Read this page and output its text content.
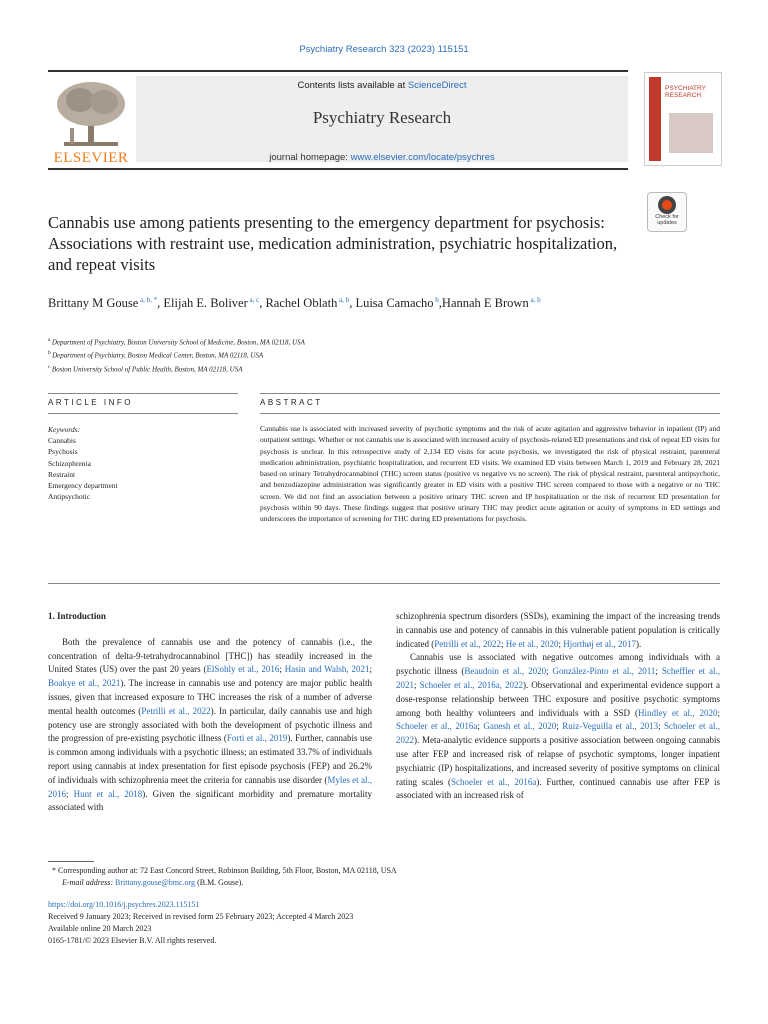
Psychiatry Research 323 (2023) 115151
ELSEVIER
Contents lists available at ScienceDirect
Psychiatry Research
journal homepage: www.elsevier.com/locate/psychres
PSYCHIATRY RESEARCH
Check for updates
Cannabis use among patients presenting to the emergency department for psychosis: Associations with restraint use, medication administration, psychiatric hospitalization, and repeat visits
Brittany M Gouse $^{a, b, *}$, Elijah E. Boliver $^{a, c}$, Rachel Oblath $^{a, b}$, Luisa Camacho $^b$,Hannah E Brown $^{a, b}$
$^a$ Department of Psychiatry, Boston University School of Medicine, Boston, MA 02118, USA
$^b$ Department of Psychiatry, Boston Medical Center, Boston, MA 02118, USA
$^c$ Boston University School of Public Health, Boston, MA 02118, USA
ARTICLE INFO	ABSTRACT
Keywords:
Cannabis
Psychosis
Schizophrenia
Restraint
Emergency department
Antipsychotic
Cannabis use is associated with increased severity of psychotic symptoms and the risk of acute agitation and aggressive behavior in inpatient (IP) and outpatient settings. Whether or not cannabis use is associated with increased acuity of psychosis-related ED presentations and risk of repeat ED visits for psychosis is unclear. In this retrospective study of 2,134 ED visits for acute psychosis, we investigated the risk of physical restraint, parenteral medication administration, psychiatric hospitalization, and recurrent ED visits. We examined ED visits between March 1, 2019 and February 28, 2021 based on urinary Tetrahydrocannabinol (THC) screen status (positive vs negative vs no screen). The risk of physical restraint, parenteral antipsychotic, and benzodiazepine administration was significantly greater in ED visits with a positive THC screen compared to those with a negative or no THC screen. We did not find an association between a positive urinary THC screen and IP hospitalization or the risk of recurrent ED presentation for psychosis within 90 days. These findings suggest that positive urinary THC may predict acute agitation or acuity of symptoms in ED settings and underscores the importance of screening for THC during ED presentations for psychosis.
1. Introduction

Both the prevalence of cannabis use and the potency of cannabis (i.e., the concentration of delta-9-tetrahydrocannabinol [THC]) has steadily increased in the United States (US) over the past 20 years (ElSohly et al., 2016; Hasin and Walsh, 2021; Boakye et al., 2021). The increase in cannabis use and potency are major public health issues, given that increased exposure to THC increases the risk of a number of adverse mental health outcomes (Petrilli et al., 2022). In particular, daily cannabis use and high potency use are strongly associated with both the development of psychotic illness and the progression of pre-existing psychotic illness (Forti et al., 2019). Further, cannabis use is common among individuals with a psychotic illness; an estimated 33.7% of individuals report using cannabis at index presentation for first episode psychosis (FEP) and 26.2% of individuals with schizophrenia meet the criteria for cannabis use disorder (Myles et al., 2016; Hunt et al., 2018). Given the significant morbidity and premature mortality associated with

schizophrenia spectrum disorders (SSDs), examining the impact of the increasing trends in cannabis use and potency of cannabis in this vulnerable patient population is critically indicated (Petrilli et al., 2022; He et al., 2020; Hjorthøj et al., 2017).

Cannabis use is associated with negative outcomes among individuals with a psychotic illness (Beaudoin et al., 2020; González-Pinto et al., 2011; Scheffler et al., 2021; Schoeler et al., 2016a, 2022). Observational and experimental evidence support a dose-response relationship between THC exposure and positive psychotic symptoms among both healthy volunteers and individuals with a SSD (Hindley et al., 2020; Schoeler et al., 2016a; Ganesh et al., 2020; Ruiz-Veguilla et al., 2013; Schoeler et al., 2022). Meta-analytic evidence supports a positive association between ongoing cannabis use after FEP and increased risk of relapse of psychotic symptoms, longer inpatient psychiatric (IP) hospitalizations, and increased severity of positive symptoms on clinical rating scales (Schoeler et al., 2016a). Further, continued cannabis use after FEP is associated with an increased risk of

* Corresponding author at: 72 East Concord Street, Robinson Building, 5th Floor, Boston, MA 02118, USA
E-mail address: Brittany.gouse@bmc.org (B.M. Gouse).
https://doi.org/10.1016/j.psychres.2023.115151
Received 9 January 2023; Received in revised form 25 February 2023; Accepted 4 March 2023
Available online 20 March 2023
0165-1781/© 2023 Elsevier B.V. All rights reserved.
